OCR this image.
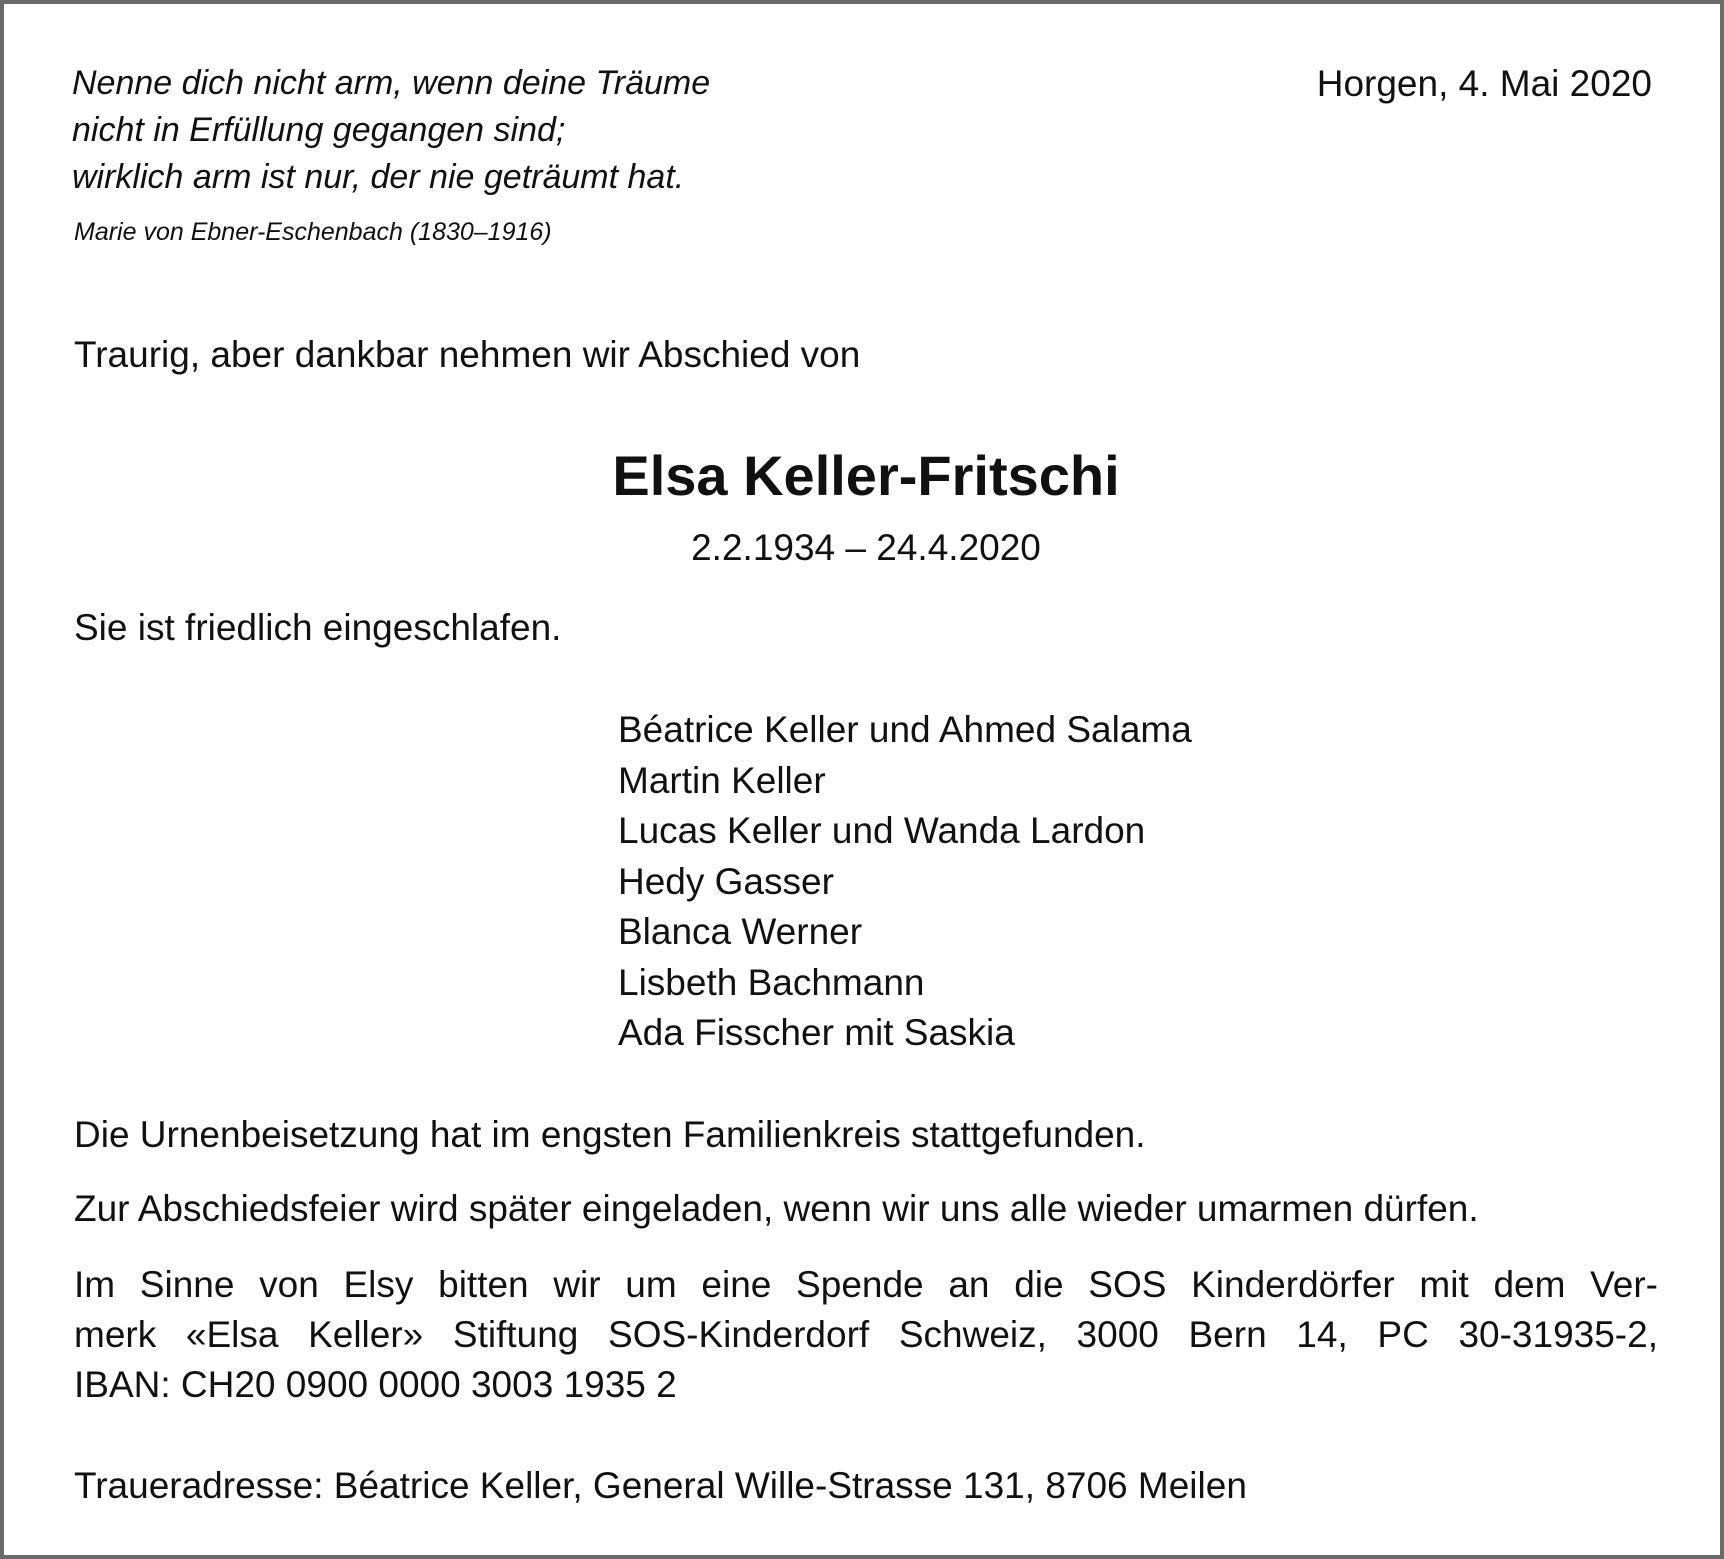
Nenne dich nicht arm, wenn deine Träume
nicht in Erfüllung gegangen sind;
wirklich arm ist nur, der nie geträumt hat.
Marie von Ebner-Eschenbach (1830–1916)
Horgen, 4. Mai 2020
Traurig, aber dankbar nehmen wir Abschied von
Elsa Keller-Fritschi
2.2.1934 – 24.4.2020
Sie ist friedlich eingeschlafen.
Béatrice Keller und Ahmed Salama
Martin Keller
Lucas Keller und Wanda Lardon
Hedy Gasser
Blanca Werner
Lisbeth Bachmann
Ada Fisscher mit Saskia
Die Urnenbeisetzung hat im engsten Familienkreis stattgefunden.
Zur Abschiedsfeier wird später eingeladen, wenn wir uns alle wieder umarmen dürfen.
Im Sinne von Elsy bitten wir um eine Spende an die SOS Kinderdörfer mit dem Ver-
merk «Elsa Keller» Stiftung SOS-Kinderdorf Schweiz, 3000 Bern 14, PC 30-31935-2,
IBAN: CH20 0900 0000 3003 1935 2
Traueradresse: Béatrice Keller, General Wille-Strasse 131, 8706 Meilen
